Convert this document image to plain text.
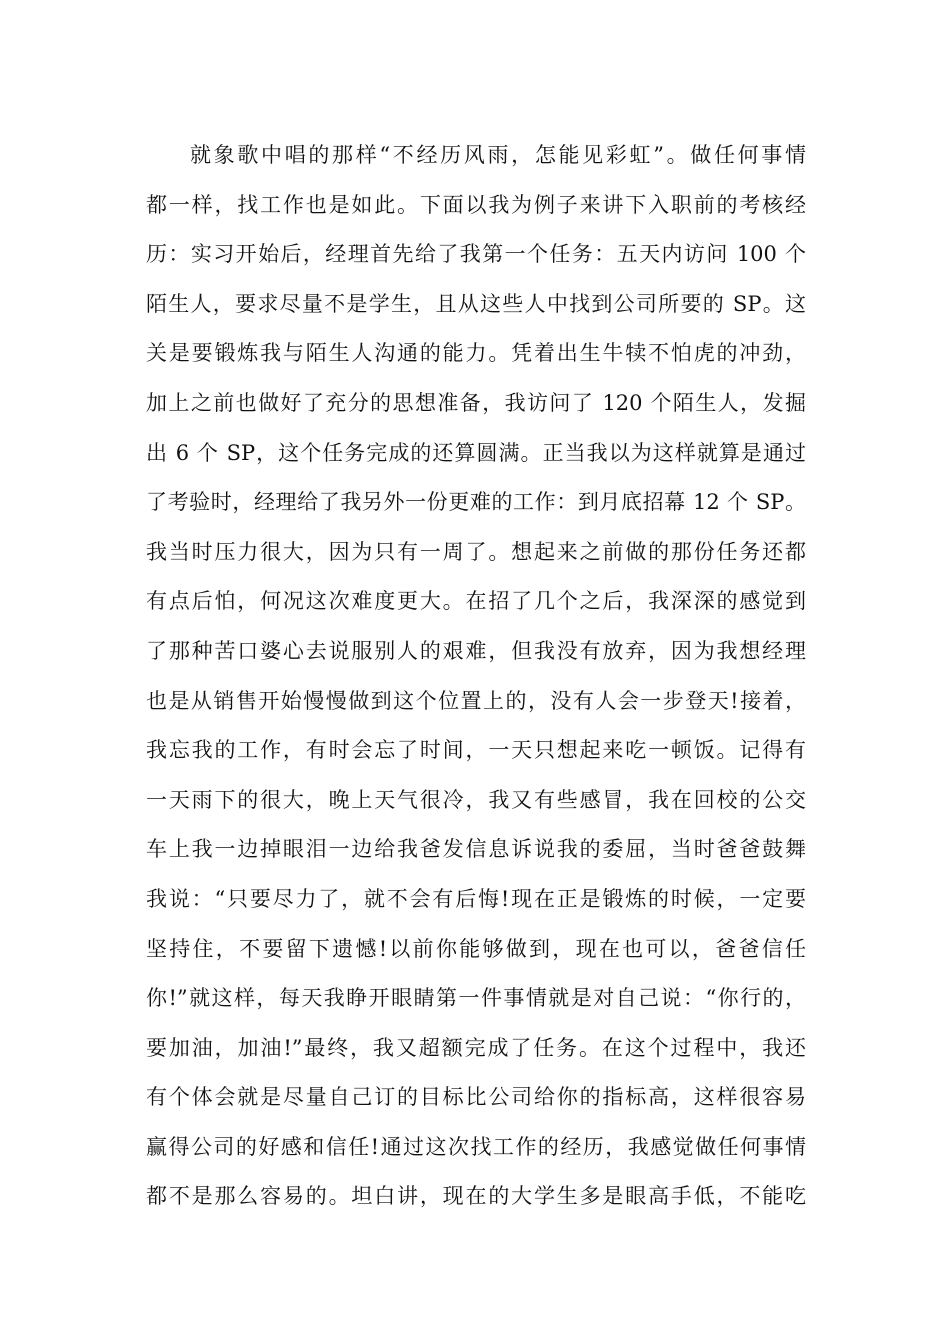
就象歌中唱的那样“不经历风雨，怎能见彩虹”。做任何事情
都一样，找工作也是如此。下面以我为例子来讲下入职前的考核经
历：实习开始后，经理首先给了我第一个任务：五天内访问 100 个
陌生人，要求尽量不是学生，且从这些人中找到公司所要的 SP。这
关是要锻炼我与陌生人沟通的能力。凭着出生牛犊不怕虎的冲劲，
加上之前也做好了充分的思想准备，我访问了 120 个陌生人，发掘
出 6 个 SP，这个任务完成的还算圆满。正当我以为这样就算是通过
了考验时，经理给了我另外一份更难的工作：到月底招幕 12 个 SP。
我当时压力很大，因为只有一周了。想起来之前做的那份任务还都
有点后怕，何况这次难度更大。在招了几个之后，我深深的感觉到
了那种苦口婆心去说服别人的艰难，但我没有放弃，因为我想经理
也是从销售开始慢慢做到这个位置上的，没有人会一步登天!接着，
我忘我的工作，有时会忘了时间，一天只想起来吃一顿饭。记得有
一天雨下的很大，晚上天气很冷，我又有些感冒，我在回校的公交
车上我一边掉眼泪一边给我爸发信息诉说我的委屈，当时爸爸鼓舞
我说：“只要尽力了，就不会有后悔!现在正是锻炼的时候，一定要
坚持住，不要留下遗憾!以前你能够做到，现在也可以，爸爸信任
你!”就这样，每天我睁开眼睛第一件事情就是对自己说：“你行的，
要加油，加油!”最终，我又超额完成了任务。在这个过程中，我还
有个体会就是尽量自己订的目标比公司给你的指标高，这样很容易
赢得公司的好感和信任!通过这次找工作的经历，我感觉做任何事情
都不是那么容易的。坦白讲，现在的大学生多是眼高手低，不能吃
